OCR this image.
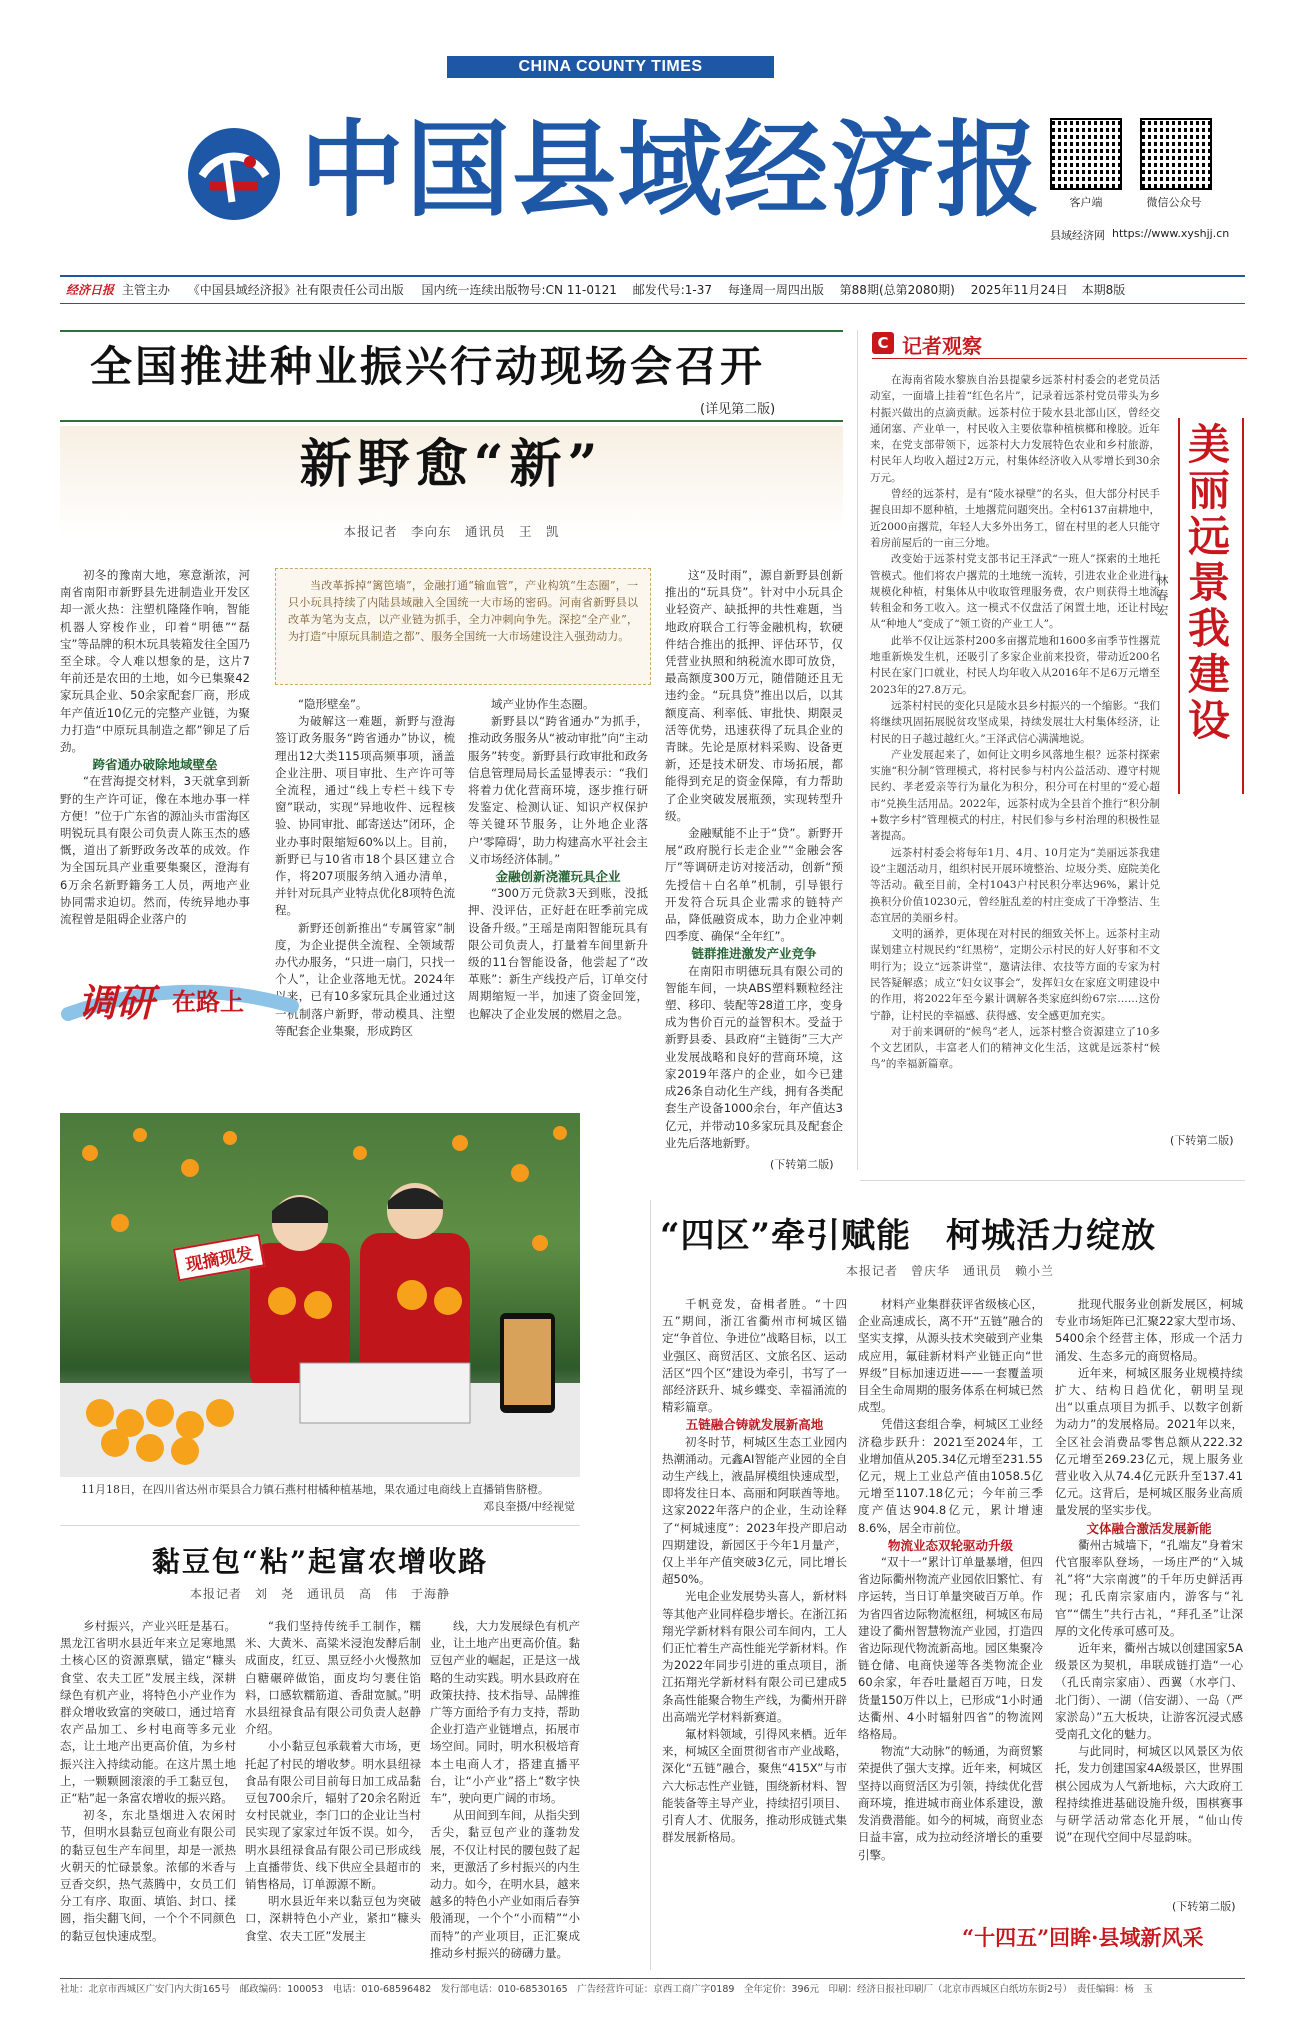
CHINA COUNTY TIMES
中国县域经济报	客户端	微信公众号
县域经济网 https://www.xyshjj.cn
经济日报 主管主办 《中国县域经济报》社有限责任公司出版 国内统一连续出版物号:CN 11-0121 邮发代号:1-37 每逢周一周四出版 第88期(总第2080期) 2025年11月24日 本期8版
全国推进种业振兴行动现场会召开
(详见第二版)
新野愈“新”
本报记者　李向东　通讯员　王　凯
当改革拆掉“篱笆墙”，金融打通“输血管”，产业构筑“生态圈”，一只小玩具持续了内陆县域融入全国统一大市场的密码。河南省新野县以改革为笔为支点，以产业链为抓手，全力冲刺向争先。深挖“全产业”，为打造“中原玩具制造之都”、服务全国统一大市场建设注入强劲动力。

初冬的豫南大地，寒意渐浓，河南省南阳市新野县先进制造业开发区却一派火热：注塑机隆隆作响，智能机器人穿梭作业，印着“明德”“磊宝”等品牌的积木玩具装箱发往全国乃至全球。令人难以想象的是，这片7年前还是农田的土地，如今已集聚42家玩具企业、50余家配套厂商，形成年产值近10亿元的完整产业链，为聚力打造“中原玩具制造之都”铆足了后劲。

跨省通办破除地域壁垒

“在营海提交材料，3天就拿到新野的生产许可证，像在本地办事一样方便！”位于广东省的源汕头市雷海区明锐玩具有限公司负责人陈玉杰的感慨，道出了新野政务改革的成效。作为全国玩具产业重要集聚区，澄海有6万余名新野籍务工人员，两地产业协同需求迫切。然而，传统异地办事流程曾是阻碍企业落户的

“隐形壁垒”。

为破解这一难题，新野与澄海签订政务服务“跨省通办”协议，梳理出12大类115项高频事项，涵盖企业注册、项目审批、生产许可等全流程，通过“线上专栏＋线下专窗”联动，实现“异地收件、远程核验、协同审批、邮寄送达”闭环，企业办事时限缩短60%以上。目前，新野已与10省市18个县区建立合作，将207项服务纳入通办清单，并针对玩具产业特点优化8项特色流程。

新野还创新推出“专属管家”制度，为企业提供全流程、全领域帮办代办服务，“只进一扇门，只找一个人”，让企业落地无忧。2024年以来，已有10多家玩具企业通过这一机制落户新野，带动模具、注塑等配套企业集聚，形成跨区

域产业协作生态圈。

新野县以“跨省通办”为抓手，推动政务服务从“被动审批”向“主动服务”转变。新野县行政审批和政务信息管理局局长孟显博表示：“我们将着力优化营商环境，逐步推行研发鉴定、检测认证、知识产权保护等关键环节服务，让外地企业落户‘零障碍’，助力构建高水平社会主义市场经济体制。”

金融创新浇灌玩具企业

“300万元贷款3天到账，没抵押、没评估，正好赶在旺季前完成设备升级。”王瑶是南阳智能玩具有限公司负责人，打量着车间里新升级的11台智能设备，他尝起了“改革账”：新生产线投产后，订单交付周期缩短一半，加速了资金回笼，也解决了企业发展的燃眉之急。

这“及时雨”，源自新野县创新推出的“玩具贷”。针对中小玩具企业轻资产、缺抵押的共性难题，当地政府联合工行等金融机构，软硬件结合推出的抵押、评估环节，仅凭营业执照和纳税流水即可放贷，最高额度300万元，随借随还且无违约金。“玩具贷”推出以后，以其额度高、利率低、审批快、期限灵活等优势，迅速获得了玩具企业的青睐。先论是原材料采购、设备更新，还是技术研发、市场拓展，都能得到充足的资金保障，有力帮助了企业突破发展瓶颈，实现转型升级。

金融赋能不止于“贷”。新野开展“政府脱行长走企业”“金融会客厅”等调研走访对接活动，创新“预先授信＋白名单”机制，引导银行开发符合玩具企业需求的链特产品，降低融资成本，助力企业冲刺四季度、确保“全年红”。

链群推进激发产业竞争

在南阳市明德玩具有限公司的智能车间，一块ABS塑料颗粒经注塑、移印、装配等28道工序，变身成为售价百元的益智积木。受益于新野县委、县政府“主链街”三大产业发展战略和良好的营商环境，这家2019年落户的企业，如今已建成26条自动化生产线，拥有各类配套生产设备1000余台，年产值达3亿元，并带动10多家玩具及配套企业先后落地新野。

(下转第二版)
调研 在路上
现摘现发
11月18日，在四川省达州市渠县合力镇石燕村柑橘种植基地，果农通过电商线上直播销售脐橙。
邓良奎摄/中经视觉
黏豆包“粘”起富农增收路
本报记者　刘　尧　通讯员　高　伟　于海静

乡村振兴，产业兴旺是基石。黑龙江省明水县近年来立足寒地黑土核心区的资源禀赋，锚定“糠头食堂、农夫工匠”发展主线，深耕绿色有机产业，将特色小产业作为群众增收致富的突破口，通过培育农产品加工、乡村电商等多元业态，让土地产出更高价值，为乡村振兴注入持续动能。在这片黑土地上，一颗颗圆滚滚的手工黏豆包，正“粘”起一条富农增收的振兴路。

初冬，东北垦烟进入农闲时节，但明水县黏豆包商业有限公司的黏豆包生产车间里，却是一派热火朝天的忙碌景象。浓郁的米香与豆香交织，热气蒸腾中，女员工们分工有序、取面、填馅、封口、揉圆，指尖翻飞间，一个个不同颜色的黏豆包快速成型。

“我们坚持传统手工制作，糯米、大黄米、高粱米浸泡发酵后制成面皮，红豆、黑豆经小火慢熬加白糖碾碎做馅，面皮均匀裹住馅料，口感软糯筋道、香甜宽腻。”明水县纽禄食品有限公司负责人赵静介绍。

小小黏豆包承载着大市场，更托起了村民的增收梦。明水县纽禄食品有限公司目前每日加工成品黏豆包700余斤，辐射了20余名附近女村民就业，李门口的企业让当村民实现了家家过年饭不误。如今，明水县纽禄食品有限公司已形成线上直播带货、线下供应全县超市的销售格局，订单源源不断。

明水县近年来以黏豆包为突破口，深耕特色小产业，紧扣“糠头食堂、农夫工匠”发展主

线，大力发展绿色有机产业，让土地产出更高价值。黏豆包产业的崛起，正是这一战略的生动实践。明水县政府在政策扶持、技术指导、品牌推广等方面给予有力支持，帮助企业打造产业链增点，拓展市场空间。同时，明水积极培育本土电商人才，搭建直播平台，让“小产业”搭上“数字快车”，驶向更广阔的市场。

从田间到车间，从指尖到舌尖，黏豆包产业的蓬勃发展，不仅让村民的腰包鼓了起来，更激活了乡村振兴的内生动力。如今，在明水县，越来越多的特色小产业如雨后春笋般涌现，一个个“小而精”“小而特”的产业项目，正汇聚成推动乡村振兴的磅礴力量。

C 记者观察

在海南省陵水黎族自治县提蒙乡远茶村村委会的老党员活动室，一面墙上挂着“红色名片”，记录着远茶村党员带头为乡村振兴做出的点滴贡献。远茶村位于陵水县北部山区，曾经交通闭塞、产业单一，村民收入主要依靠种植槟榔和橡胶。近年来，在党支部带领下，远茶村大力发展特色农业和乡村旅游，村民年人均收入超过2万元，村集体经济收入从零增长到30余万元。

曾经的远茶村，是有“陵水禄壁”的名头，但大部分村民手握良田却不愿种植，土地撂荒问题突出。全村6137亩耕地中，近2000亩撂荒，年轻人大多外出务工，留在村里的老人只能守着房前屋后的一亩三分地。

改变始于远茶村党支部书记王泽武“一班人”探索的土地托管模式。他们将农户撂荒的土地统一流转，引进农业企业进行规模化种植，村集体从中收取管理服务费，农户则获得土地流转租金和务工收入。这一模式不仅盘活了闲置土地，还让村民从“种地人”变成了“领工资的产业工人”。

此举不仅让远茶村200多亩撂荒地和1600多亩季节性撂荒地重新焕发生机，还吸引了多家企业前来投资，带动近200名村民在家门口就业，村民人均年收入从2016年不足6万元增至2023年的27.8万元。

远茶村村民的变化只是陵水县乡村振兴的一个缩影。“我们将继续巩固拓展脱贫攻坚成果，持续发展壮大村集体经济，让村民的日子越过越红火。”王泽武信心满满地说。

产业发展起来了，如何让文明乡风落地生根？远茶村探索实施“积分制”管理模式，将村民参与村内公益活动、遵守村规民约、孝老爱亲等行为量化为积分，积分可在村里的“爱心超市”兑换生活用品。2022年，远茶村成为全县首个推行“积分制+数字乡村”管理模式的村庄，村民们参与乡村治理的积极性显著提高。

远茶村村委会将每年1月、4月、10月定为“美丽远茶我建设”主题活动月，组织村民开展环境整治、垃圾分类、庭院美化等活动。截至目前，全村1043户村民积分率达96%，累计兑换积分价值10230元，曾经脏乱差的村庄变成了干净整洁、生态宜居的美丽乡村。

文明的涵养，更体现在对村民的细致关怀上。远茶村主动谋划建立村规民约“红黑榜”，定期公示村民的好人好事和不文明行为；设立“远茶讲堂”，邀请法律、农技等方面的专家为村民答疑解惑；成立“妇女议事会”，发挥妇女在家庭文明建设中的作用，将2022年至今累计调解各类家庭纠纷67宗……这份宁静，让村民的幸福感、获得感、安全感更加充实。

对于前来调研的“候鸟”老人，远茶村整合资源建立了10多个文艺团队，丰富老人们的精神文化生活，这就是远茶村“候鸟”的幸福新篇章。

(下转第二版)
美丽远景我建设
林春宏
“四区”牵引赋能　柯城活力绽放
本报记者　曾庆华　通讯员　赖小兰

千帆竞发，奋楫者胜。“十四五”期间，浙江省衢州市柯城区锚定“争首位、争进位”战略目标，以工业强区、商贸活区、文旅名区、运动活区“四个区”建设为牵引，书写了一部经济跃升、城乡蝶变、幸福涌流的精彩篇章。

五链融合铸就发展新高地

初冬时节，柯城区生态工业园内热潮涌动。元鑫AI智能产业园的全自动生产线上，液晶屏模组快速成型，即将发往日本、高丽和阿联酋等地。这家2022年落户的企业，生动诠释了“柯城速度”：2023年投产即启动四期建设，新园区于今年1月量产，仅上半年产值突破3亿元，同比增长超50%。

光电企业发展势头喜人，新材料等其他产业同样稳步增长。在浙江拓翔光学新材料有限公司车间内，工人们正忙着生产高性能光学新材料。作为2022年同步引进的重点项目，浙江拓翔光学新材料有限公司已建成5条高性能聚合物生产线，为衢州开辟出高端光学材料新赛道。

氟材料领域，引得风来栖。近年来，柯城区全面贯彻省市产业战略，深化“五链”融合，聚焦“415X”与市六大标志性产业链，围绕新材料、智能装备等主导产业，持续招引项目、引育人才、优服务，推动形成链式集群发展新格局。

材料产业集群获评省级核心区，企业高速成长，离不开“五链”融合的坚实支撑，从源头技术突破到产业集成应用，氟硅新材料产业链正向“世界级”目标加速迈进——一套覆盖项目全生命周期的服务体系在柯城已然成型。

凭借这套组合拳，柯城区工业经济稳步跃升：2021至2024年，工业增加值从205.34亿元增至231.55亿元，规上工业总产值由1058.5亿元增至1107.18亿元；今年前三季度产值达904.8亿元，累计增速8.6%，居全市前位。

物流业态双轮驱动升级

“双十一”累计订单量暴增，但四省边际衢州物流产业园依旧繁忙、有序运转，当日订单量突破百万单。作为省四省边际物流枢纽，柯城区布局建设了衢州智慧物流产业园，打造四省边际现代物流新高地。园区集聚冷链仓储、电商快递等各类物流企业60余家，年吞吐量超百万吨，日发货量150万件以上，已形成“1小时通达衢州、4小时辐射四省”的物流网络格局。

物流“大动脉”的畅通，为商贸繁荣提供了强大支撑。近年来，柯城区坚持以商贸活区为引领，持续优化营商环境，推进城市商业体系建设，激发消费潜能。如今的柯城，商贸业态日益丰富，成为拉动经济增长的重要引擎。

批现代服务业创新发展区，柯城专业市场矩阵已汇聚22家大型市场、5400余个经营主体，形成一个活力涌发、生态多元的商贸格局。

近年来，柯城区服务业规模持续扩大、结构日趋优化，朝明呈现出“以重点项目为抓手、以数字创新为动力”的发展格局。2021年以来，全区社会消费品零售总额从222.32亿元增至269.23亿元，规上服务业营业收入从74.4亿元跃升至137.41亿元。这背后，是柯城区服务业高质量发展的坚实步伐。

文体融合激活发展新能

衢州古城墙下，“孔端友”身着宋代官服率队登场，一场庄严的“入城礼”将“大宗南渡”的千年历史鲜活再现；孔氏南宗家庙内，游客与“礼官”“儒生”共行古礼，“拜孔圣”让深厚的文化传承可感可及。

近年来，衢州古城以创建国家5A级景区为契机，串联成链打造“一心（孔氏南宗家庙）、西翼（水亭门、北门街）、一湖（信安湖）、一岛（严家淤岛）”五大板块，让游客沉浸式感受南孔文化的魅力。

与此同时，柯城区以风景区为依托，发力创建国家4A级景区，世界围棋公园成为人气新地标，六大政府工程持续推进基础设施升级，围棋赛事与研学活动常态化开展，“仙山传说”在现代空间中尽显韵味。

(下转第二版)
“十四五”回眸·县域新风采
社址：北京市西城区广安门内大街165号　邮政编码：100053　电话：010-68596482　发行部电话：010-68530165　广告经营许可证：京西工商广字0189　全年定价：396元　印刷：经济日报社印刷厂（北京市西城区白纸坊东街2号）　责任编辑：杨　玉
